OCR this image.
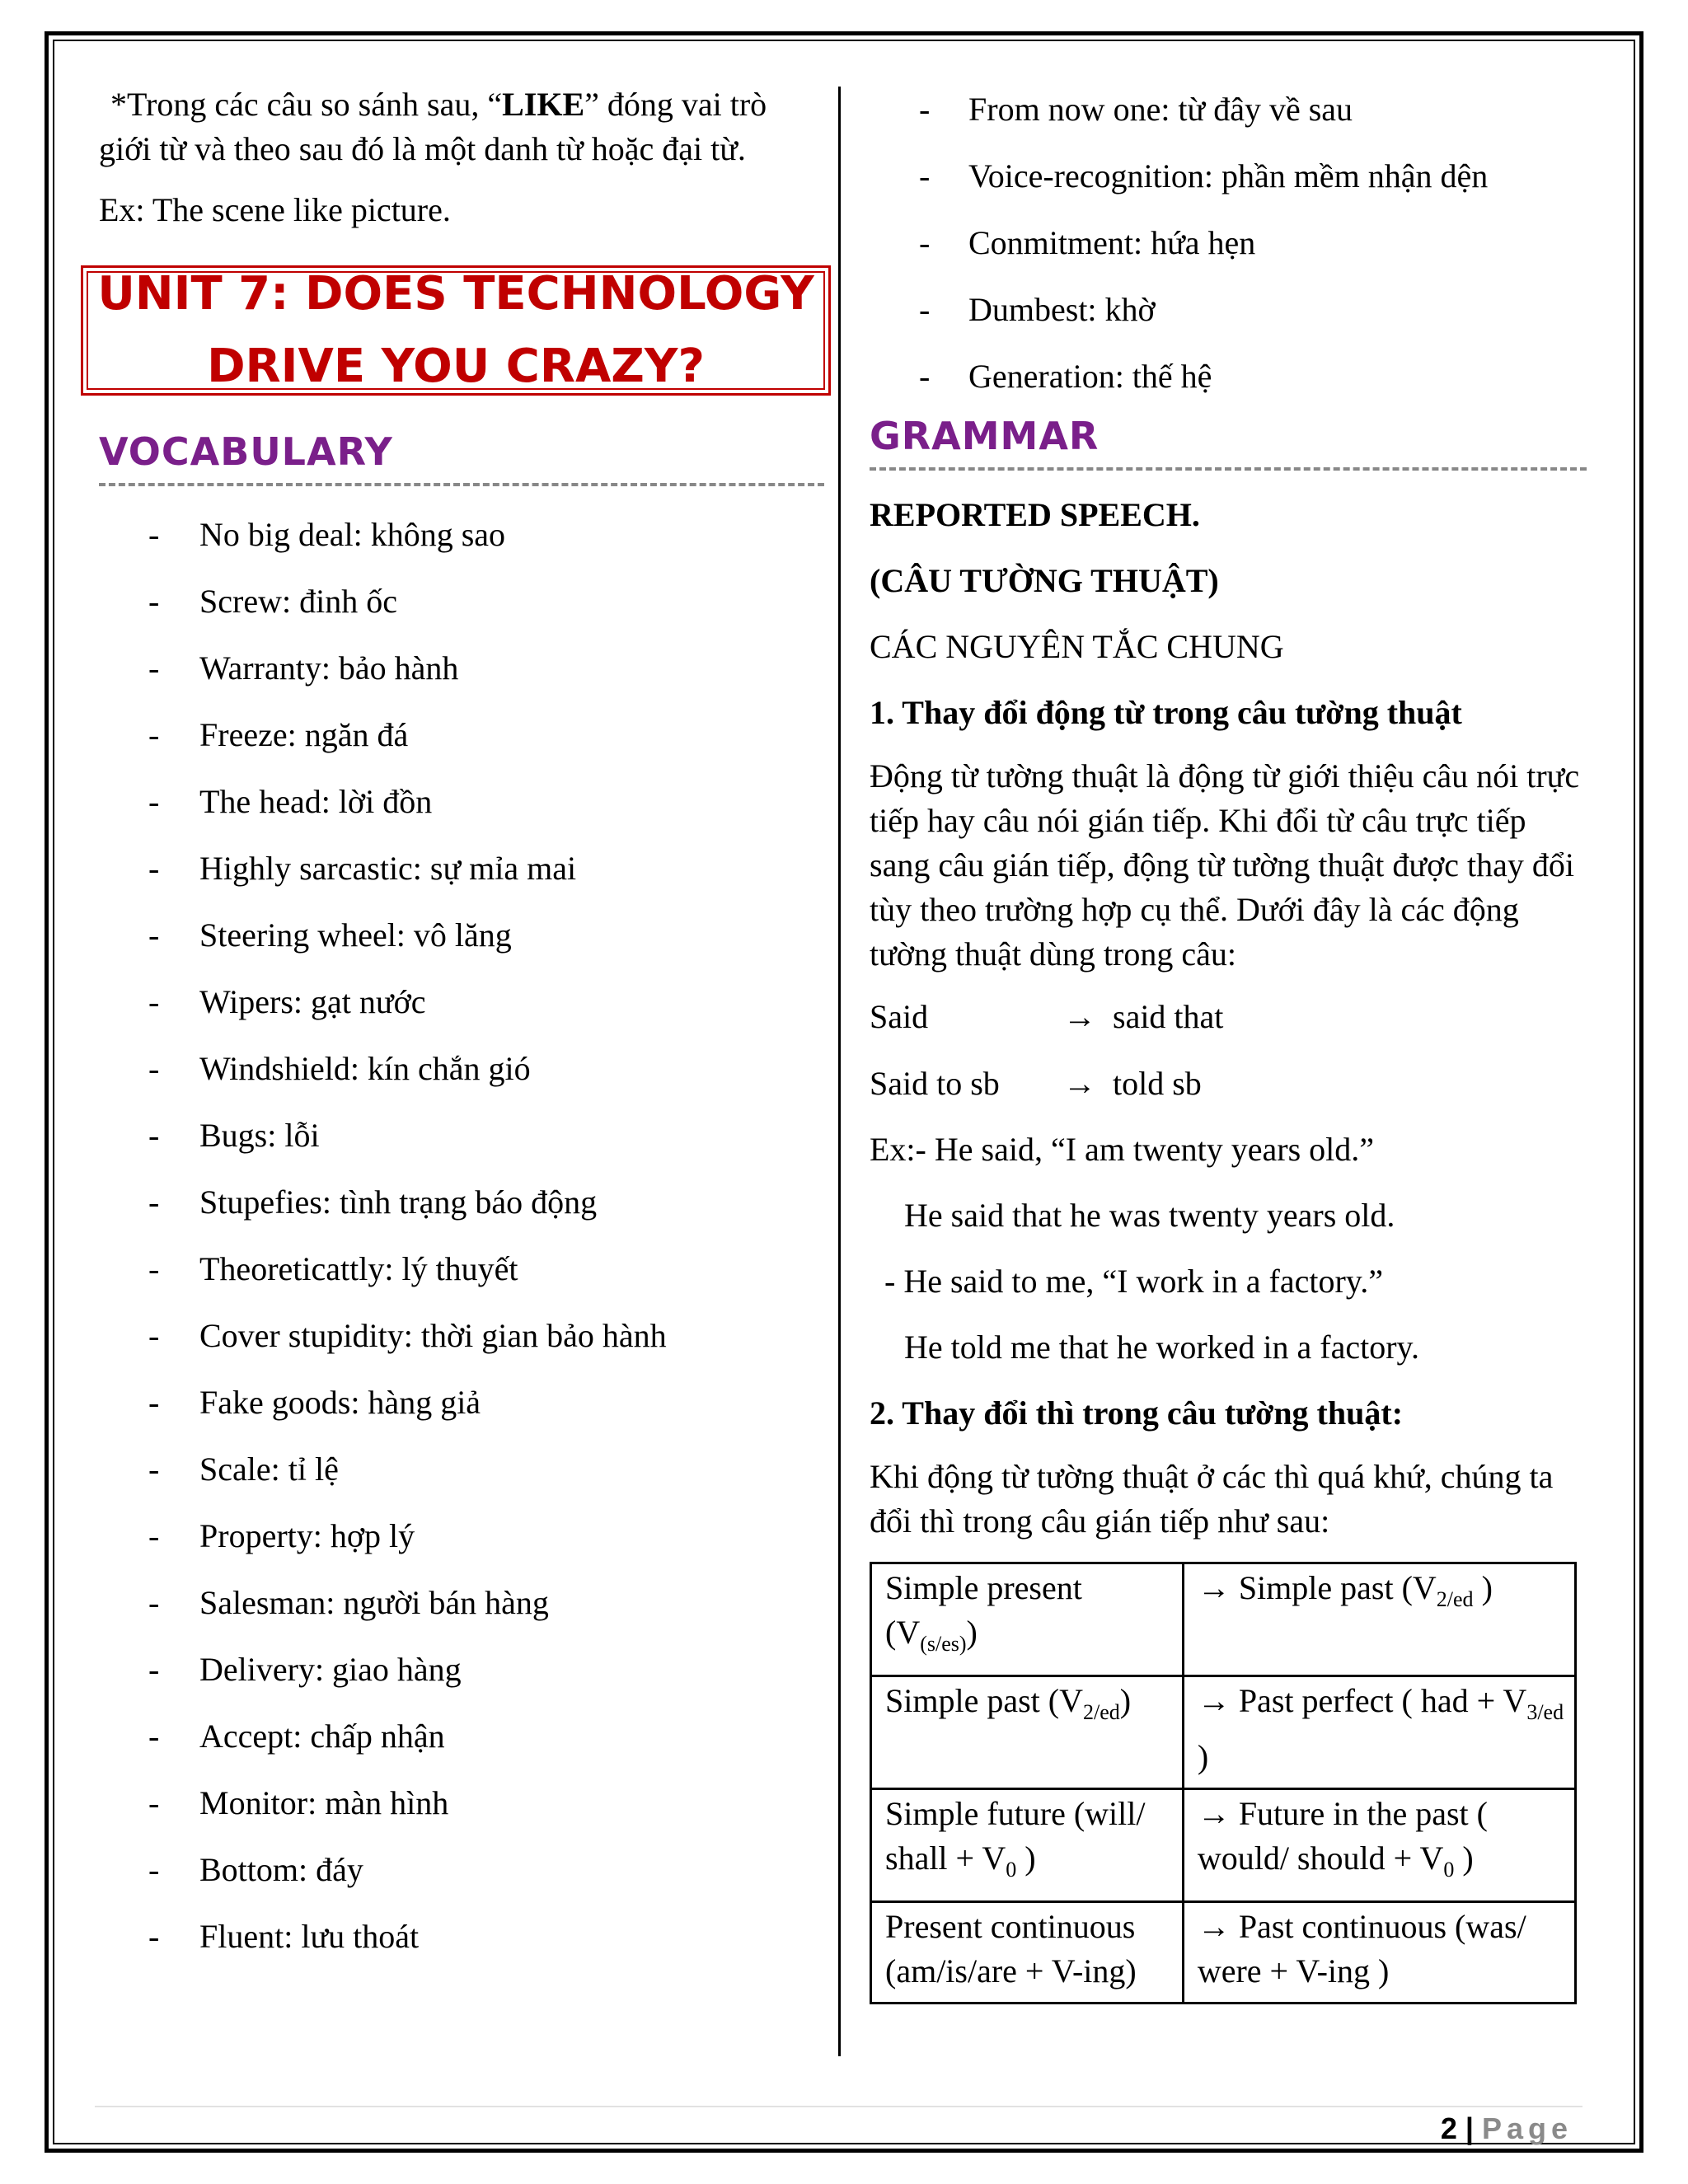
*Trong các câu so sánh sau, “LIKE” đóng vai trò giới từ và theo sau đó là một danh từ hoặc đại từ.

Ex: The scene like picture.

UNIT 7: DOES TECHNOLOGY
DRIVE YOU CRAZY?
VOCABULARY
- No big deal: không sao
- Screw: đinh ốc
- Warranty: bảo hành
- Freeze: ngăn đá
- The head: lời đồn
- Highly sarcastic: sự mỉa mai
- Steering wheel: vô lăng
- Wipers: gạt nước
- Windshield: kín chắn gió
- Bugs: lỗi
- Stupefies: tình trạng báo động
- Theoreticattly: lý thuyết
- Cover stupidity: thời gian bảo hành
- Fake goods: hàng giả
- Scale: tỉ lệ
- Property: hợp lý
- Salesman: người bán hàng
- Delivery: giao hàng
- Accept: chấp nhận
- Monitor: màn hình
- Bottom: đáy
- Fluent: lưu thoát
- From now one: từ đây về sau
- Voice-recognition: phần mềm nhận dện
- Conmitment: hứa hẹn
- Dumbest: khờ
- Generation: thế hệ
GRAMMAR

REPORTED SPEECH.

(CÂU TƯỜNG THUẬT)

CÁC NGUYÊN TẮC CHUNG

1. Thay đổi động từ trong câu tường thuật

Động từ tường thuật là động từ giới thiệu câu nói trực tiếp hay câu nói gián tiếp. Khi đổi từ câu trực tiếp sang câu gián tiếp, động từ tường thuật được thay đổi tùy theo trường hợp cụ thể. Dưới đây là các động tường thuật dùng trong câu:

Said	→ said that
Said to sb	→ told sb

Ex:- He said, “I am twenty years old.”

He said that he was twenty years old.

- He said to me, “I work in a factory.”

He told me that he worked in a factory.

2. Thay đổi thì trong câu tường thuật:

Khi động từ tường thuật ở các thì quá khứ, chúng ta đổi thì trong câu gián tiếp như sau:

Simple present $(V_{(s/es)})$	→ Simple past ($V_{2/ed}$ )
Simple past $(V_{2/ed})$	→ Past perfect ( had + $V_{3/ed}$ )
Simple future (will/ shall + $V_0$ )	→ Future in the past ( would/ should + $V_0$ )
Present continuous (am/is/are + V-ing)	→ Past continuous (was/ were + V-ing )
2 | Page
